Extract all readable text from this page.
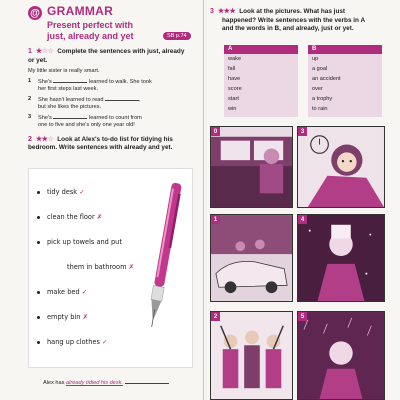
@ GRAMMAR
Present perfect with
just, already and yet	SB p.74
1 ★☆☆ Complete the sentences with just, already
or yet.
My little sister is really smart.
1	She's	learned to walk. She took
her first steps last week.
2	She hasn't learned to read	,
but she likes the pictures.
3	She's	learned to count from
one to five and she's only one year old!
2 ★★☆ Look at Alex's to-do list for tidying his
bedroom. Write sentences with already and yet.
tidy desk ✓
clean the floor ✗
pick up towels and put
them in bathroom ✗
make bed ✓
empty bin ✗
hang up clothes ✓
Alex has already tidied his desk.
3 ★★★ Look at the pictures. What has just
happened? Write sentences with the verbs in A
and the words in B, and already, just or yet.
A
wake
fall
have
score
start
win
B
up
a goal
an accident
over
a trophy
to rain
0	3
1	4
2	5
